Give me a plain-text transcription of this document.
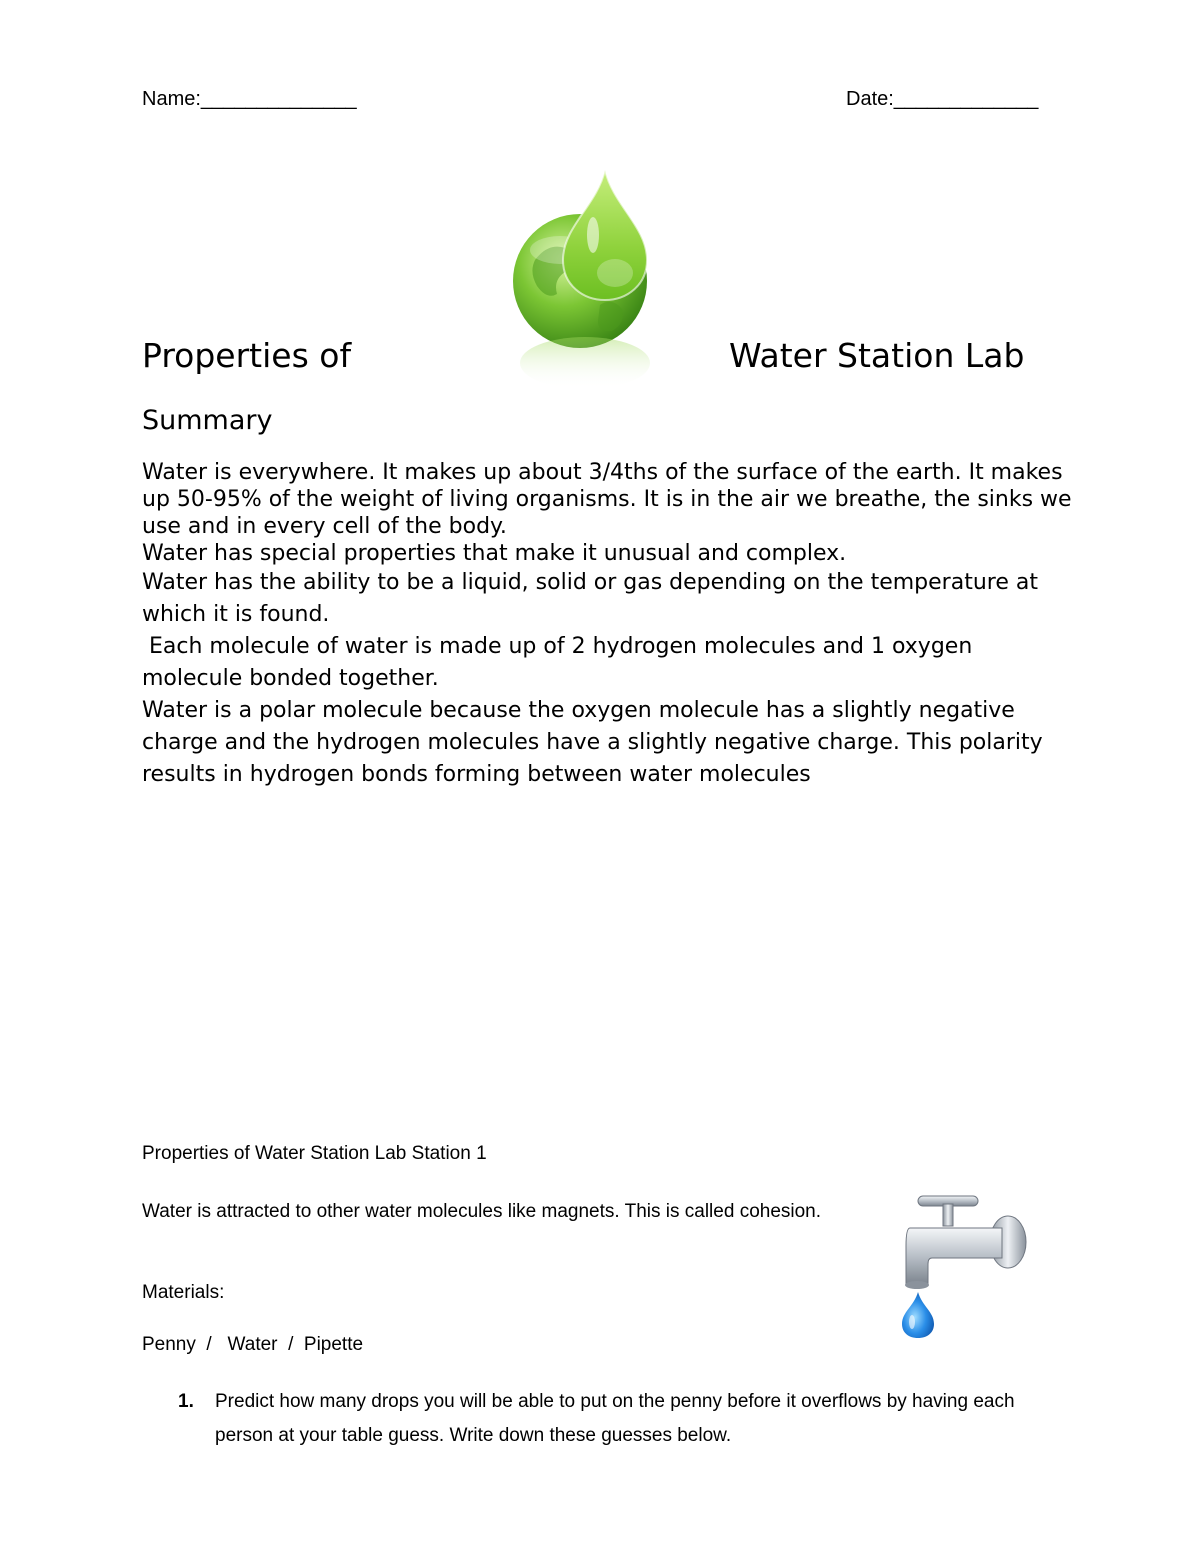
Name:______________	Date:_____________
Properties of	Water Station Lab
Summary

Water is everywhere. It makes up about 3/4ths of the surface of the earth. It makes up 50-95% of the weight of living organisms. It is in the air we breathe, the sinks we use and in every cell of the body.

Water has special properties that make it unusual and complex.

Water has the ability to be a liquid, solid or gas depending on the temperature at which it is found.

Each molecule of water is made up of 2 hydrogen molecules and 1 oxygen molecule bonded together.

Water is a polar molecule because the oxygen molecule has a slightly negative charge and the hydrogen molecules have a slightly negative charge. This polarity results in hydrogen bonds forming between water molecules

Properties of Water Station Lab Station 1
Water is attracted to other water molecules like magnets. This is called cohesion.
Materials:
Penny  /   Water  /  Pipette
1. Predict how many drops you will be able to put on the penny before it overflows by having each person at your table guess. Write down these guesses below.
